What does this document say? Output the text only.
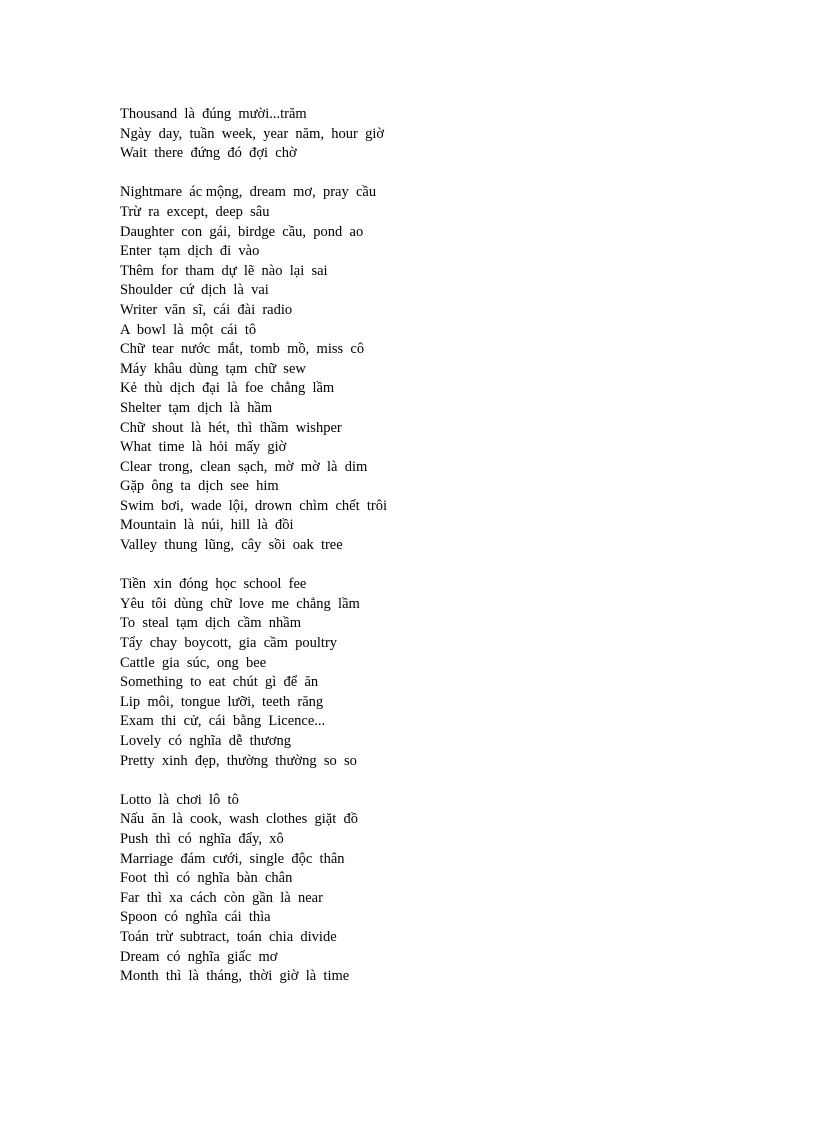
Thousand  là  đúng  mười...trăm
Ngày  day,  tuần  week,  year  năm,  hour  giờ
Wait  there  đứng  đó  đợi  chờ
Nightmare  ác mộng,  dream  mơ,  pray  cầu
Trừ  ra  except,  deep  sâu
Daughter  con  gái,  birdge  cầu,  pond  ao
Enter  tạm  dịch  đi  vào
Thêm  for  tham  dự  lẽ  nào  lại  sai
Shoulder  cứ  dịch  là  vai
Writer  văn  sĩ,  cái  đài  radio
A  bowl  là  một  cái  tô
Chữ  tear  nước  mắt,  tomb  mồ,  miss  cô
Máy  khâu  dùng  tạm  chữ  sew
Kẻ  thù  dịch  đại  là  foe  chẳng  lầm
Shelter  tạm  dịch  là  hầm
Chữ  shout  là  hét,  thì  thầm  wishper
What  time  là  hỏi  mấy  giờ
Clear  trong,  clean  sạch,  mờ  mờ  là  dim
Gặp  ông  ta  dịch  see  him
Swim  bơi,  wade  lội,  drown  chìm  chết  trôi
Mountain  là  núi,  hill  là  đồi
Valley  thung  lũng,  cây  sồi  oak  tree
Tiền  xin  đóng  học  school  fee
Yêu  tôi  dùng  chữ  love  me  chẳng  lầm
To  steal  tạm  dịch  cầm  nhầm
Tẩy  chay  boycott,  gia  cầm  poultry
Cattle  gia  súc,  ong  bee
Something  to  eat  chút  gì  để  ăn
Lip  môi,  tongue  lưỡi,  teeth  răng
Exam  thi  cử,  cái  bằng  Licence...
Lovely  có  nghĩa  dễ  thương
Pretty  xinh  đẹp,  thường  thường  so  so
Lotto  là  chơi  lô  tô
Nấu  ăn  là  cook,  wash  clothes  giặt  đồ
Push  thì  có  nghĩa  đẩy,  xô
Marriage  đám  cưới,  single  độc  thân
Foot  thì  có  nghĩa  bàn  chân
Far  thì  xa  cách  còn  gần  là  near
Spoon  có  nghĩa  cái  thìa
Toán  trừ  subtract,  toán  chia  divide
Dream  có  nghĩa  giấc  mơ
Month  thì  là  tháng,  thời  giờ  là  time
